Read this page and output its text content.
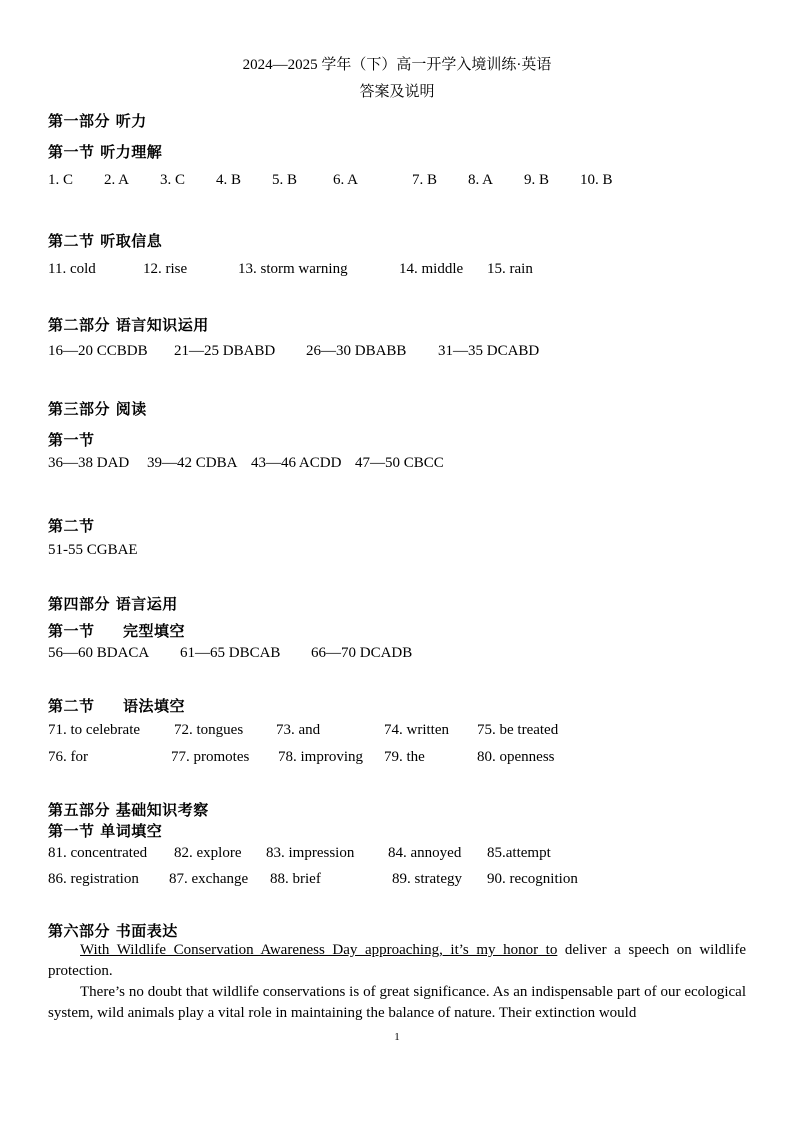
2024—2025 学年（下）高一开学入境训练·英语
答案及说明
第一部分 听力
第一节 听力理解
1. C 2. A 3. C 4. B 5. B 6. A	7. B 8. A 9. B 10. B
第二节 听取信息
11. cold	12. rise	13. storm warning	14. middle 15. rain
第二部分 语言知识运用
16—20 CCBDB 21—25 DBABD 26—30 DBABB 31—35 DCABD
第三部分 阅读
第一节
36—38 DAD 39—42 CDBA 43—46 ACDD 47—50 CBCC
第二节
51-55 CGBAE
第四部分 语言运用
第一节 完型填空
56—60 BDACA 61—65 DBCAB 66—70 DCADB
第二节 语法填空
71. to celebrate 72. tongues 73. and	74. written 75. be treated
76. for	77. promotes 78. improving 79. the	80. openness
第五部分 基础知识考察
第一节 单词填空
81. concentrated 82. explore 83. impression 84. annoyed 85.attempt
86. registration 87. exchange 88. brief	89. strategy 90. recognition
第六部分 书面表达
With Wildlife Conservation Awareness Day approaching, it’s my honor to deliver a speech on wildlife protection.
There’s no doubt that wildlife conservations is of great significance. As an indispensable part of our ecological system, wild animals play a vital role in maintaining the balance of nature. Their extinction would
1
